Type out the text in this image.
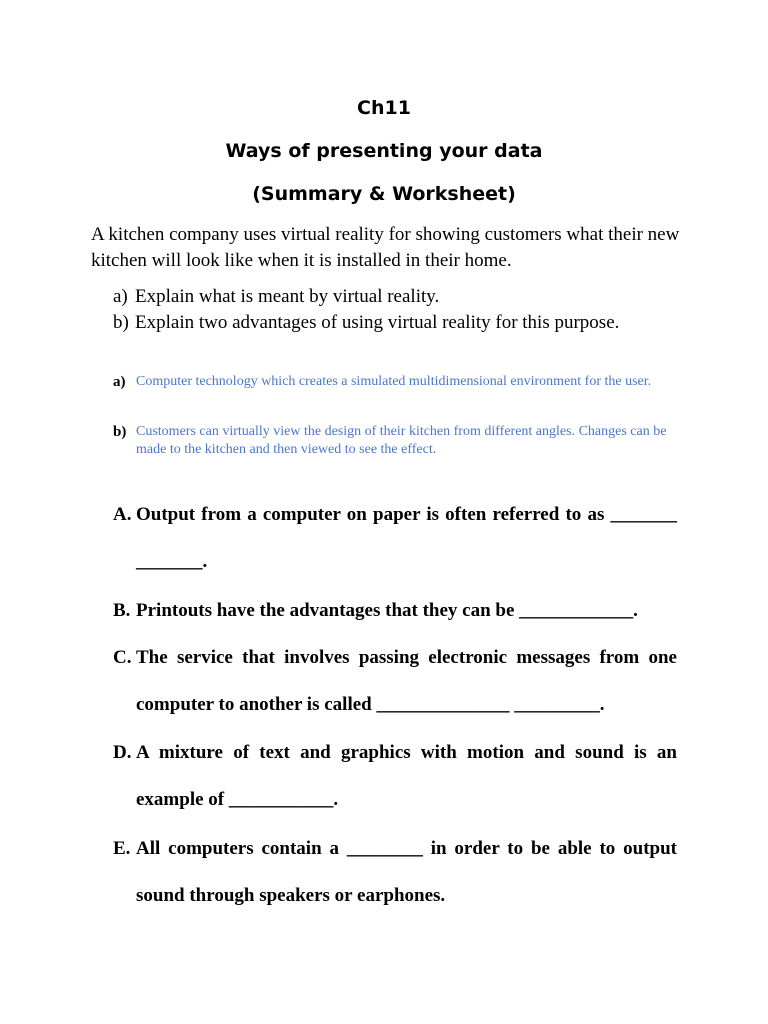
Ch11
Ways of presenting your data
(Summary & Worksheet)
A kitchen company uses virtual reality for showing customers what their new kitchen will look like when it is installed in their home.
a) Explain what is meant by virtual reality.
b) Explain two advantages of using virtual reality for this purpose.
a) Computer technology which creates a simulated multidimensional environment for the user.
b) Customers can virtually view the design of their kitchen from different angles. Changes can be made to the kitchen and then viewed to see the effect.
A. Output from a computer on paper is often referred to as _______ _______.
B. Printouts have the advantages that they can be ____________.
C. The service that involves passing electronic messages from one computer to another is called ______________ _________.
D. A mixture of text and graphics with motion and sound is an example of ___________.
E. All computers contain a ________ in order to be able to output sound through speakers or earphones.
